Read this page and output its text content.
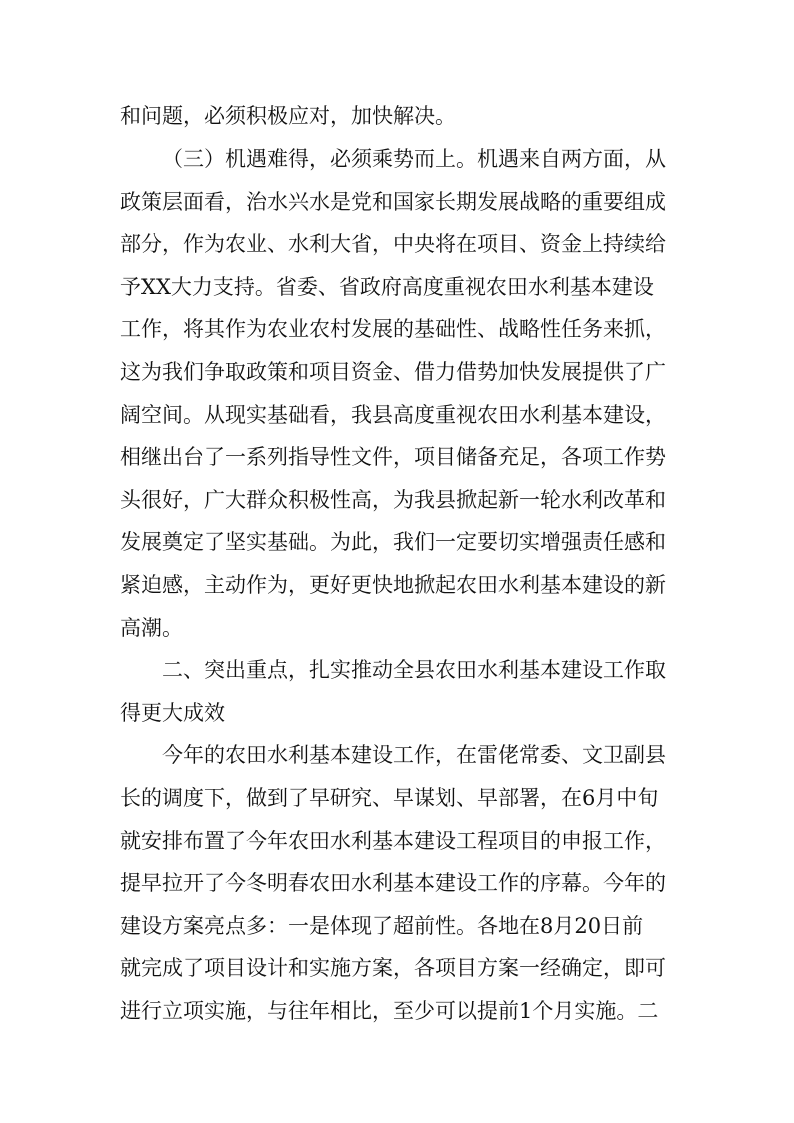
和问题，必须积极应对，加快解决。
（三）机遇难得，必须乘势而上。机遇来自两方面，从
政策层面看，治水兴水是党和国家长期发展战略的重要组成
部分，作为农业、水利大省，中央将在项目、资金上持续给
予XX大力支持。省委、省政府高度重视农田水利基本建设
工作，将其作为农业农村发展的基础性、战略性任务来抓，
这为我们争取政策和项目资金、借力借势加快发展提供了广
阔空间。从现实基础看，我县高度重视农田水利基本建设，
相继出台了一系列指导性文件，项目储备充足，各项工作势
头很好，广大群众积极性高，为我县掀起新一轮水利改革和
发展奠定了坚实基础。为此，我们一定要切实增强责任感和
紧迫感，主动作为，更好更快地掀起农田水利基本建设的新
高潮。
二、突出重点，扎实推动全县农田水利基本建设工作取
得更大成效
今年的农田水利基本建设工作，在雷佬常委、文卫副县
长的调度下，做到了早研究、早谋划、早部署，在6月中旬
就安排布置了今年农田水利基本建设工程项目的申报工作，
提早拉开了今冬明春农田水利基本建设工作的序幕。今年的
建设方案亮点多：一是体现了超前性。各地在8月20日前
就完成了项目设计和实施方案，各项目方案一经确定，即可
进行立项实施，与往年相比，至少可以提前1个月实施。二
